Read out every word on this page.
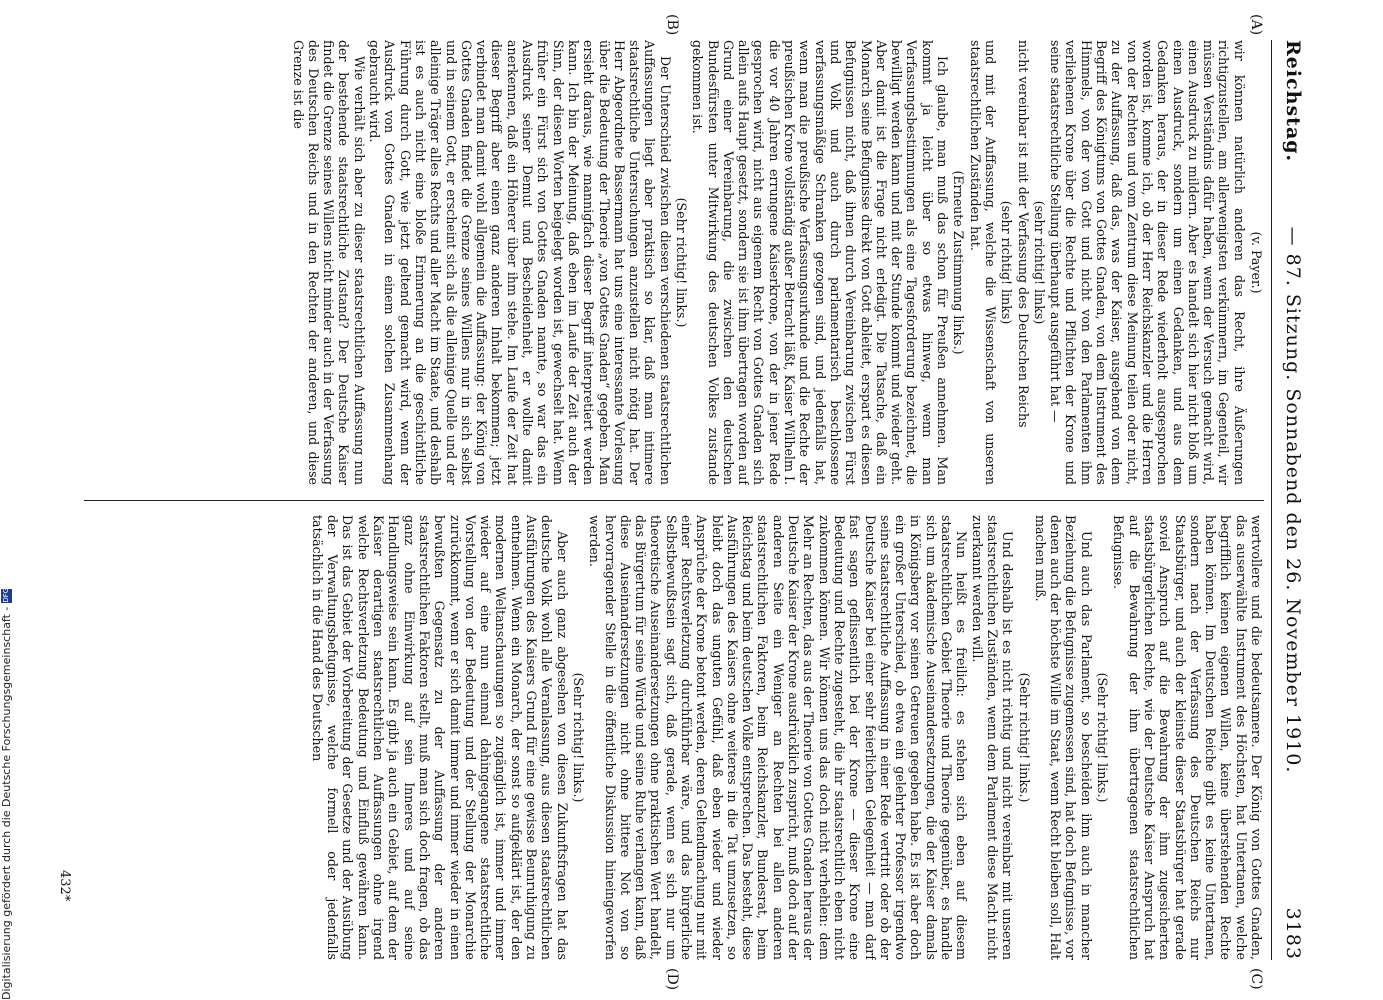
Reichstag.
— 87. Sitzung. Sonnabend den 26. November 1910.
3183
(A)
(B)
(C)
(D)
(v. Payer.)

wir können natürlich anderen das Recht, ihre Äußerungen richtigzustellen, am allerwenigsten verkümmern, im Gegenteil, wir müssen Verständnis dafür haben, wenn der Versuch gemacht wird, einen Ausdruck zu mildern. Aber es handelt sich hier nicht bloß um einen Ausdruck, sondern um einen Gedanken, und aus dem Gedanken heraus, der in dieser Rede wiederholt ausgesprochen worden ist, komme ich, ob der Herr Reichskanzler und die Herren von der Rechten und vom Zentrum diese Meinung teilen oder nicht, zu der Auffassung, daß das, was der Kaiser, ausgehend von dem Begriff des Königtums von Gottes Gnaden, von dem Instrument des Himmels, von der von Gott und nicht von den Parlamenten ihm verliehenen Krone über die Rechte und Pflichten der Krone und seine staatsrechtliche Stellung überhaupt ausgeführt hat —

(sehr richtig! links)

nicht vereinbar ist mit der Verfassung des Deutschen Reichs

(sehr richtig! links)

und mit der Auffassung, welche die Wissenschaft von unseren staatsrechtlichen Zuständen hat.

(Erneute Zustimmung links.)

Ich glaube, man muß das schon für Preußen annehmen. Man kommt ja leicht über so etwas hinweg, wenn man Verfassungsbestimmungen als eine Tagesforderung bezeichnet, die bewilligt werden kann und mit der Stunde kommt und wieder geht. Aber damit ist die Frage nicht erledigt. Die Tatsache, daß ein Monarch seine Befugnisse direkt von Gott ableitet, erspart es diesen Befugnissen nicht, daß ihnen durch Vereinbarung zwischen Fürst und Volk und auch durch parlamentarisch beschlossene verfassungsmäßige Schranken gezogen sind, und jedenfalls hat, wenn man die preußische Verfassungsurkunde und die Rechte der preußischen Krone vollständig außer Betracht läßt, Kaiser Wilhelm I. die vor 40 Jahren errungene Kaiserkrone, von der in jener Rede gesprochen wird, nicht aus eigenem Recht von Gottes Gnaden sich allein aufs Haupt gesetzt, sondern sie ist ihm übertragen worden auf Grund einer Vereinbarung, die zwischen den deutschen Bundesfürsten unter Mitwirkung des deutschen Volkes zustande gekommen ist.

(Sehr richtig! links.)

Der Unterschied zwischen diesen verschiedenen staatsrechtlichen Auffassungen liegt aber praktisch so klar, daß man intimere staatsrechtliche Untersuchungen anzustellen nicht nötig hat. Der Herr Abgeordnete Bassermann hat uns eine interessante Vorlesung über die Bedeutung der Theorie „von Gottes Gnaden“ gegeben. Man ersieht daraus, wie mannigfach dieser Begriff interpretiert werden kann. Ich bin der Meinung, daß eben im Laufe der Zeit auch der Sinn, der diesen Worten beigelegt worden ist, gewechselt hat. Wenn früher ein Fürst sich von Gottes Gnaden nannte, so war das ein Ausdruck seiner Demut und Bescheidenheit, er wollte damit anerkennen, daß ein Höherer über ihm stehe. Im Laufe der Zeit hat dieser Begriff aber einen ganz anderen Inhalt bekommen; jetzt verbindet man damit wohl allgemein die Auffassung: der König von Gottes Gnaden findet die Grenze seines Willens nur in sich selbst und in seinem Gott, er erscheint sich als die alleinige Quelle und der alleinige Träger alles Rechts und aller Macht im Staate, und deshalb ist es auch nicht eine bloße Erinnerung an die geschichtliche Führung durch Gott, wie jetzt geltend gemacht wird, wenn der Ausdruck von Gottes Gnaden in einem solchen Zusammenhang gebraucht wird.

Wie verhält sich aber zu dieser staatsrechtlichen Auffassung nun der bestehende staatsrechtliche Zustand? Der Deutsche Kaiser findet die Grenze seines Willens nicht minder auch in der Verfassung des Deutschen Reichs und in den Rechten der anderen, und diese Grenze ist die

wertvollere und die bedeutsamere. Der König von Gottes Gnaden, das auserwählte Instrument des Höchsten, hat Untertanen, welche begrifflich keinen eigenen Willen, keine überstehenden Rechte haben können. Im Deutschen Reiche gibt es keine Untertanen, sondern nach der Verfassung des Deutschen Reichs nur Staatsbürger, und auch der kleinste dieser Staatsbürger hat gerade soviel Anspruch auf die Bewahrung der ihm zugesicherten staatsbürgerlichen Rechte, wie der Deutsche Kaiser Anspruch hat auf die Bewahrung der ihm übertragenen staatsrechtlichen Befugnisse.

(Sehr richtig! links.)

Und auch das Parlament, so bescheiden ihm auch in mancher Beziehung die Befugnisse zugemessen sind, hat doch Befugnisse, vor denen auch der höchste Wille im Staat, wenn Recht bleiben soll, Halt machen muß.

(Sehr richtig! links.)

Und deshalb ist es nicht richtig und nicht vereinbar mit unseren staatsrechtlichen Zuständen, wenn dem Parlament diese Macht nicht zuerkannt werden will.

Nun heißt es freilich: es stehen sich eben auf diesem staatsrechtlichen Gebiet Theorie und Theorie gegenüber, es handle sich um akademische Auseinandersetzungen, die der Kaiser damals in Königsberg vor seinen Getreuen gegeben habe. Es ist aber doch ein großer Unterschied, ob etwa ein gelehrter Professor irgendwo seine staatsrechtliche Auffassung in einer Rede vertritt oder ob der Deutsche Kaiser bei einer sehr feierlichen Gelegenheit — man darf fast sagen geflissentlich bei der Krone — dieser Krone eine Bedeutung und Rechte zugesteht, die ihr staatsrechtlich eben nicht zukommen können. Wir können uns das doch nicht verhehlen: dem Mehr an Rechten, das aus der Theorie von Gottes Gnaden heraus der Deutsche Kaiser der Krone ausdrücklich zuspricht, muß doch auf der anderen Seite ein Weniger an Rechten bei allen anderen staatsrechtlichen Faktoren, beim Reichskanzler, Bundesrat, beim Reichstag und beim deutschen Volke entsprechen. Das besteht, diese Ausführungen des Kaisers ohne weiteres in die Tat umzusetzen, so bleibt doch das unguten Gefühl, daß eben wieder und wieder Ansprüche der Krone betont werden, deren Geltendmachung nur mit einer Rechtsverletzung durchführbar wäre, und das bürgerliche Selbstbewußtsein sagt sich, daß gerade, wenn es sich nur um theoretische Auseinandersetzungen ohne praktischen Wert handelt, das Bürgertum für seine Würde und seine Ruhe verlangen kann, daß diese Auseinandersetzungen nicht ohne bittere Not von so hervorragender Stelle in die öffentliche Diskussion hineingeworfen werden.

(Sehr richtig! links.)

Aber auch ganz abgesehen von diesen Zukunftsfragen hat das deutsche Volk wohl alle Veranlassung, aus diesen staatsrechtlichen Ausführungen des Kaisers Grund für eine gewisse Beunruhigung zu entnehmen. Wenn ein Monarch, der sonst so aufgeklärt ist, der den modernen Weltanschauungen so zugänglich ist, immer und immer wieder auf eine nun einmal dahingegangene staatsrechtliche Vorstellung von der Bedeutung und der Stellung der Monarchie zurückkommt, wenn er sich damit immer und immer wieder in einen bewußten Gegensatz zu der Auffassung der anderen staatsrechtlichen Faktoren stellt, muß man sich doch fragen, ob das ganz ohne Einwirkung auf sein Inneres und auf seine Handlungsweise sein kann. Es gibt ja auch ein Gebiet, auf dem der Kaiser derartigen staatsrechtlichen Auffassungen ohne irgend welche Rechtsverletzung Bedeutung und Einfluß gewähren kann. Das ist das Gebiet der Vorbereitung der Gesetze und der Ausübung der Verwaltungsbefugnisse, welche formell oder jedenfalls tatsächlich in die Hand des Deutschen

432*
Digitalisierung gefördert durch die Deutsche Forschungsgemeinschaft -
DFG
